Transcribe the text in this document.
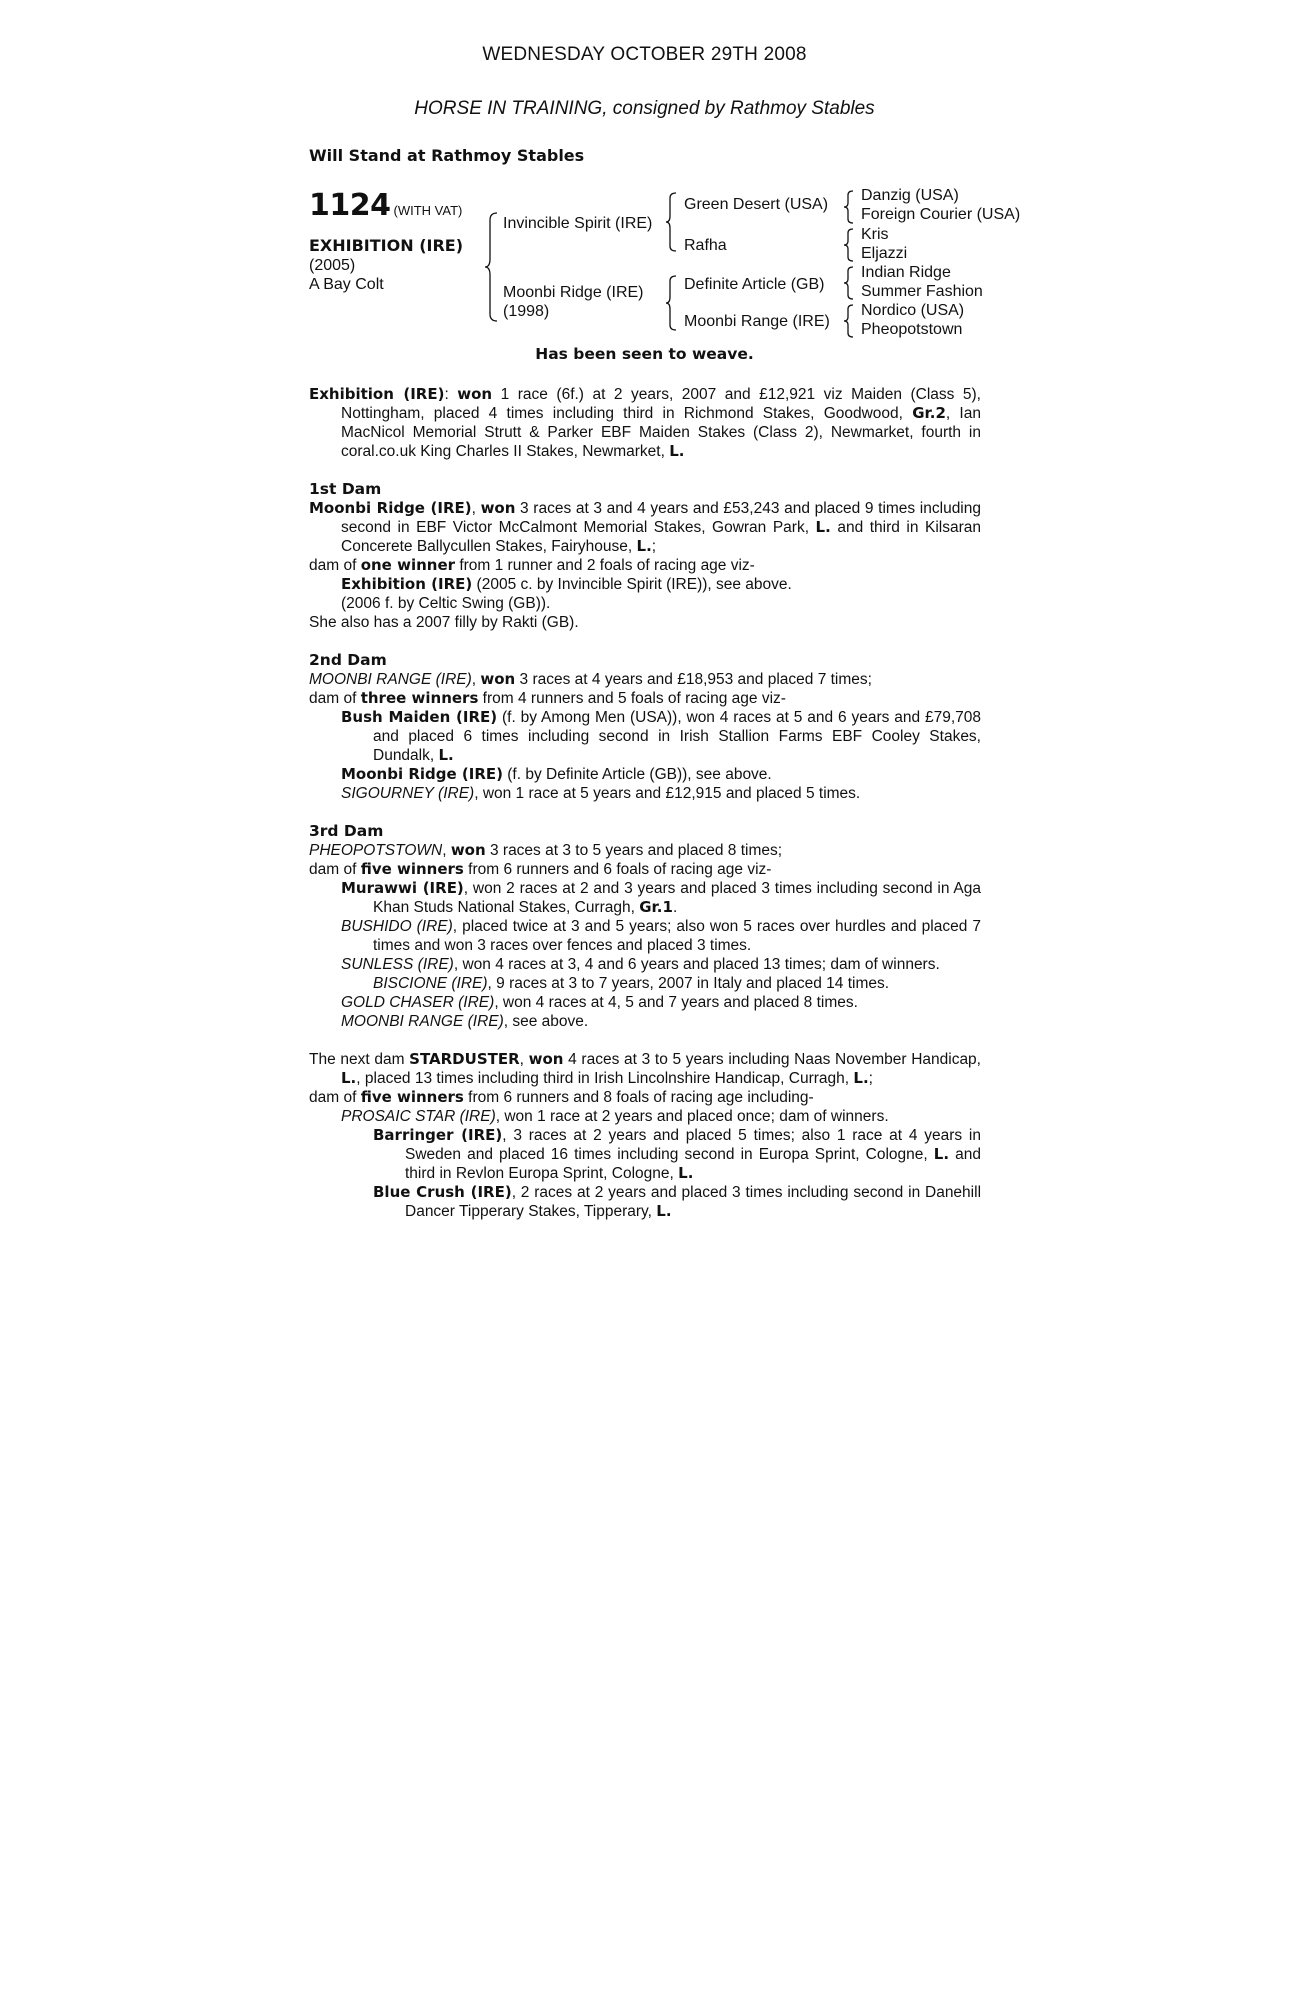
WEDNESDAY OCTOBER 29TH 2008
HORSE IN TRAINING, consigned by Rathmoy Stables
Will Stand at Rathmoy Stables
1124 (WITH VAT)
EXHIBITION (IRE)
(2005)
A Bay Colt
Invincible Spirit (IRE)
Moonbi Ridge (IRE)
(1998)
Green Desert (USA)
Rafha
Definite Article (GB)
Moonbi Range (IRE)
Danzig (USA)
Foreign Courier (USA)
Kris
Eljazzi
Indian Ridge
Summer Fashion
Nordico (USA)
Pheopotstown
Has been seen to weave.

Exhibition (IRE): won 1 race (6f.) at 2 years, 2007 and £12,921 viz Maiden (Class 5), Nottingham, placed 4 times including third in Richmond Stakes, Goodwood, Gr.2, Ian MacNicol Memorial Strutt & Parker EBF Maiden Stakes (Class 2), Newmarket, fourth in coral.co.uk King Charles II Stakes, Newmarket, L.

1st Dam

Moonbi Ridge (IRE), won 3 races at 3 and 4 years and £53,243 and placed 9 times including second in EBF Victor McCalmont Memorial Stakes, Gowran Park, L. and third in Kilsaran Concerete Ballycullen Stakes, Fairyhouse, L.;

dam of one winner from 1 runner and 2 foals of racing age viz-

Exhibition (IRE) (2005 c. by Invincible Spirit (IRE)), see above.

(2006 f. by Celtic Swing (GB)).

She also has a 2007 filly by Rakti (GB).

2nd Dam

MOONBI RANGE (IRE), won 3 races at 4 years and £18,953 and placed 7 times;

dam of three winners from 4 runners and 5 foals of racing age viz-

Bush Maiden (IRE) (f. by Among Men (USA)), won 4 races at 5 and 6 years and £79,708 and placed 6 times including second in Irish Stallion Farms EBF Cooley Stakes, Dundalk, L.

Moonbi Ridge (IRE) (f. by Definite Article (GB)), see above.

SIGOURNEY (IRE), won 1 race at 5 years and £12,915 and placed 5 times.

3rd Dam

PHEOPOTSTOWN, won 3 races at 3 to 5 years and placed 8 times;

dam of five winners from 6 runners and 6 foals of racing age viz-

Murawwi (IRE), won 2 races at 2 and 3 years and placed 3 times including second in Aga Khan Studs National Stakes, Curragh, Gr.1.

BUSHIDO (IRE), placed twice at 3 and 5 years; also won 5 races over hurdles and placed 7 times and won 3 races over fences and placed 3 times.

SUNLESS (IRE), won 4 races at 3, 4 and 6 years and placed 13 times; dam of winners.

BISCIONE (IRE), 9 races at 3 to 7 years, 2007 in Italy and placed 14 times.

GOLD CHASER (IRE), won 4 races at 4, 5 and 7 years and placed 8 times.

MOONBI RANGE (IRE), see above.

The next dam STARDUSTER, won 4 races at 3 to 5 years including Naas November Handicap, L., placed 13 times including third in Irish Lincolnshire Handicap, Curragh, L.;

dam of five winners from 6 runners and 8 foals of racing age including-

PROSAIC STAR (IRE), won 1 race at 2 years and placed once; dam of winners.

Barringer (IRE), 3 races at 2 years and placed 5 times; also 1 race at 4 years in Sweden and placed 16 times including second in Europa Sprint, Cologne, L. and third in Revlon Europa Sprint, Cologne, L.

Blue Crush (IRE), 2 races at 2 years and placed 3 times including second in Danehill Dancer Tipperary Stakes, Tipperary, L.
